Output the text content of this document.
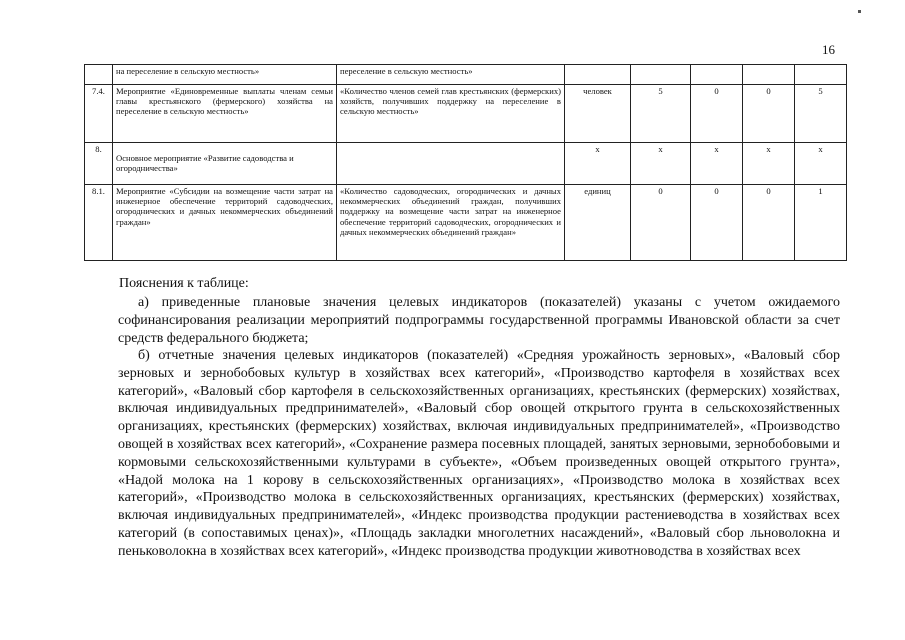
16
	на переселение в сельскую местность»	переселение в сельскую местность»					
7.4.	Мероприятие «Единовременные выплаты членам семьи главы крестьянского (фермерского) хозяйства на переселение в сельскую местность»	«Количество членов семей глав крестьянских (фермерских) хозяйств, получивших поддержку на переселение в сельскую местность»	человек	5	0	0	5
8.	Основное мероприятие «Развитие садоводства и огородничества»		х	х	х	х	х
8.1.	Мероприятие «Субсидии на возмещение части затрат на инженерное обеспечение территорий садоводческих, огороднических и дачных некоммерческих объединений граждан»	«Количество садоводческих, огороднических и дачных некоммерческих объединений граждан, получивших поддержку на возмещение части затрат на инженерное обеспечение территорий садоводческих, огороднических и дачных некоммерческих объединений граждан»	единиц	0	0	0	1
Пояснения к таблице:
а) приведенные плановые значения целевых индикаторов (показателей) указаны с учетом ожидаемого софинансирования реализации мероприятий подпрограммы государственной программы Ивановской области за счет средств федерального бюджета;
б) отчетные значения целевых индикаторов (показателей) «Средняя урожайность зерновых», «Валовый сбор зерновых и зернобобовых культур в хозяйствах всех категорий», «Производство картофеля в хозяйствах всех категорий», «Валовый сбор картофеля в сельскохозяйственных организациях, крестьянских (фермерских) хозяйствах, включая индивидуальных предпринимателей», «Валовый сбор овощей открытого грунта в сельскохозяйственных организациях, крестьянских (фермерских) хозяйствах, включая индивидуальных предпринимателей», «Производство овощей в хозяйствах всех категорий», «Сохранение размера посевных площадей, занятых зерновыми, зернобобовыми и кормовыми сельскохозяйственными культурами в субъекте», «Объем произведенных овощей открытого грунта», «Надой молока на 1 корову в сельскохозяйственных организациях», «Производство молока в хозяйствах всех категорий», «Производство молока в сельскохозяйственных организациях, крестьянских (фермерских) хозяйствах, включая индивидуальных предпринимателей», «Индекс производства продукции растениеводства в хозяйствах всех категорий (в сопоставимых ценах)», «Площадь закладки многолетних насаждений», «Валовый сбор льноволокна и пеньковолокна в хозяйствах всех категорий», «Индекс производства продукции животноводства в хозяйствах всех
